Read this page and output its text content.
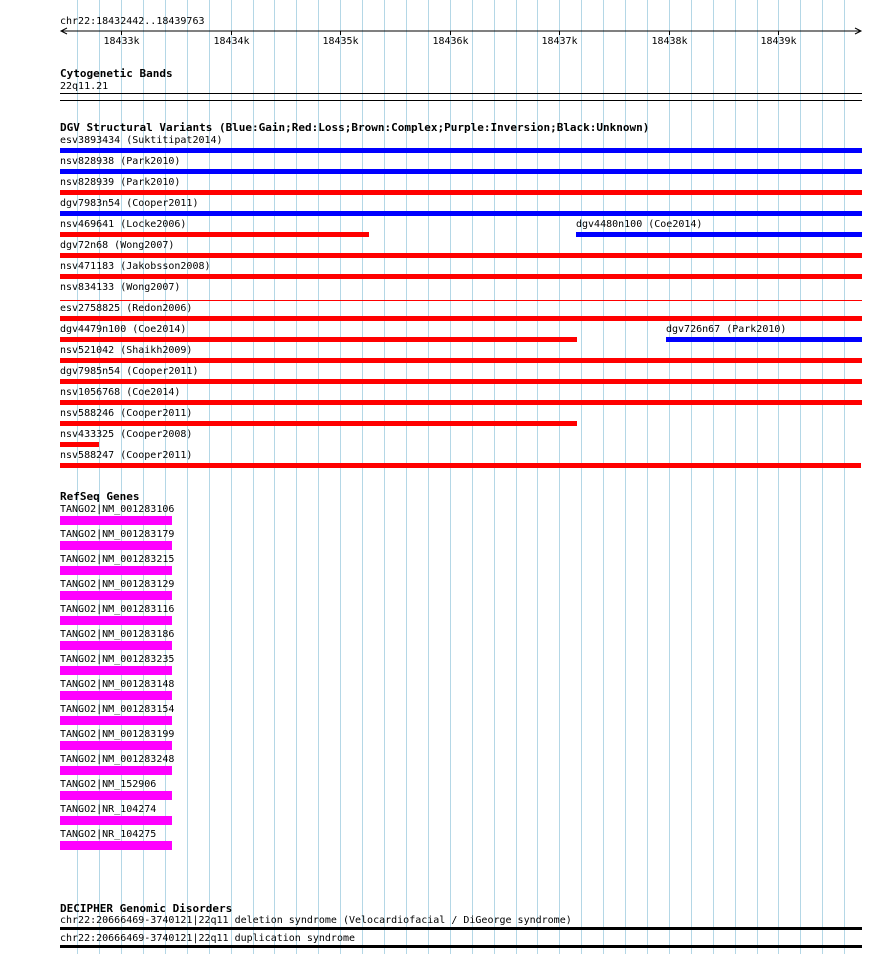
chr22:18432442..18439763
18433k	18434k	18435k	18436k	18437k	18438k	18439k
Cytogenetic Bands
22q11.21
DGV Structural Variants (Blue:Gain;Red:Loss;Brown:Complex;Purple:Inversion;Black:Unknown)
esv3893434 (Suktitipat2014)
nsv828938 (Park2010)
nsv828939 (Park2010)
dgv7983n54 (Cooper2011)
nsv469641 (Locke2006)	dgv4480n100 (Coe2014)
dgv72n68 (Wong2007)
nsv471183 (Jakobsson2008)
nsv834133 (Wong2007)
esv2758825 (Redon2006)
dgv4479n100 (Coe2014)	dgv726n67 (Park2010)
nsv521042 (Shaikh2009)
dgv7985n54 (Cooper2011)
nsv1056768 (Coe2014)
nsv588246 (Cooper2011)
nsv433325 (Cooper2008)
nsv588247 (Cooper2011)
RefSeq Genes
TANGO2|NM_001283106
TANGO2|NM_001283179
TANGO2|NM_001283215
TANGO2|NM_001283129
TANGO2|NM_001283116
TANGO2|NM_001283186
TANGO2|NM_001283235
TANGO2|NM_001283148
TANGO2|NM_001283154
TANGO2|NM_001283199
TANGO2|NM_001283248
TANGO2|NM_152906
TANGO2|NR_104274
TANGO2|NR_104275
DECIPHER Genomic Disorders
chr22:20666469-3740121|22q11 deletion syndrome (Velocardiofacial / DiGeorge syndrome)
chr22:20666469-3740121|22q11 duplication syndrome
